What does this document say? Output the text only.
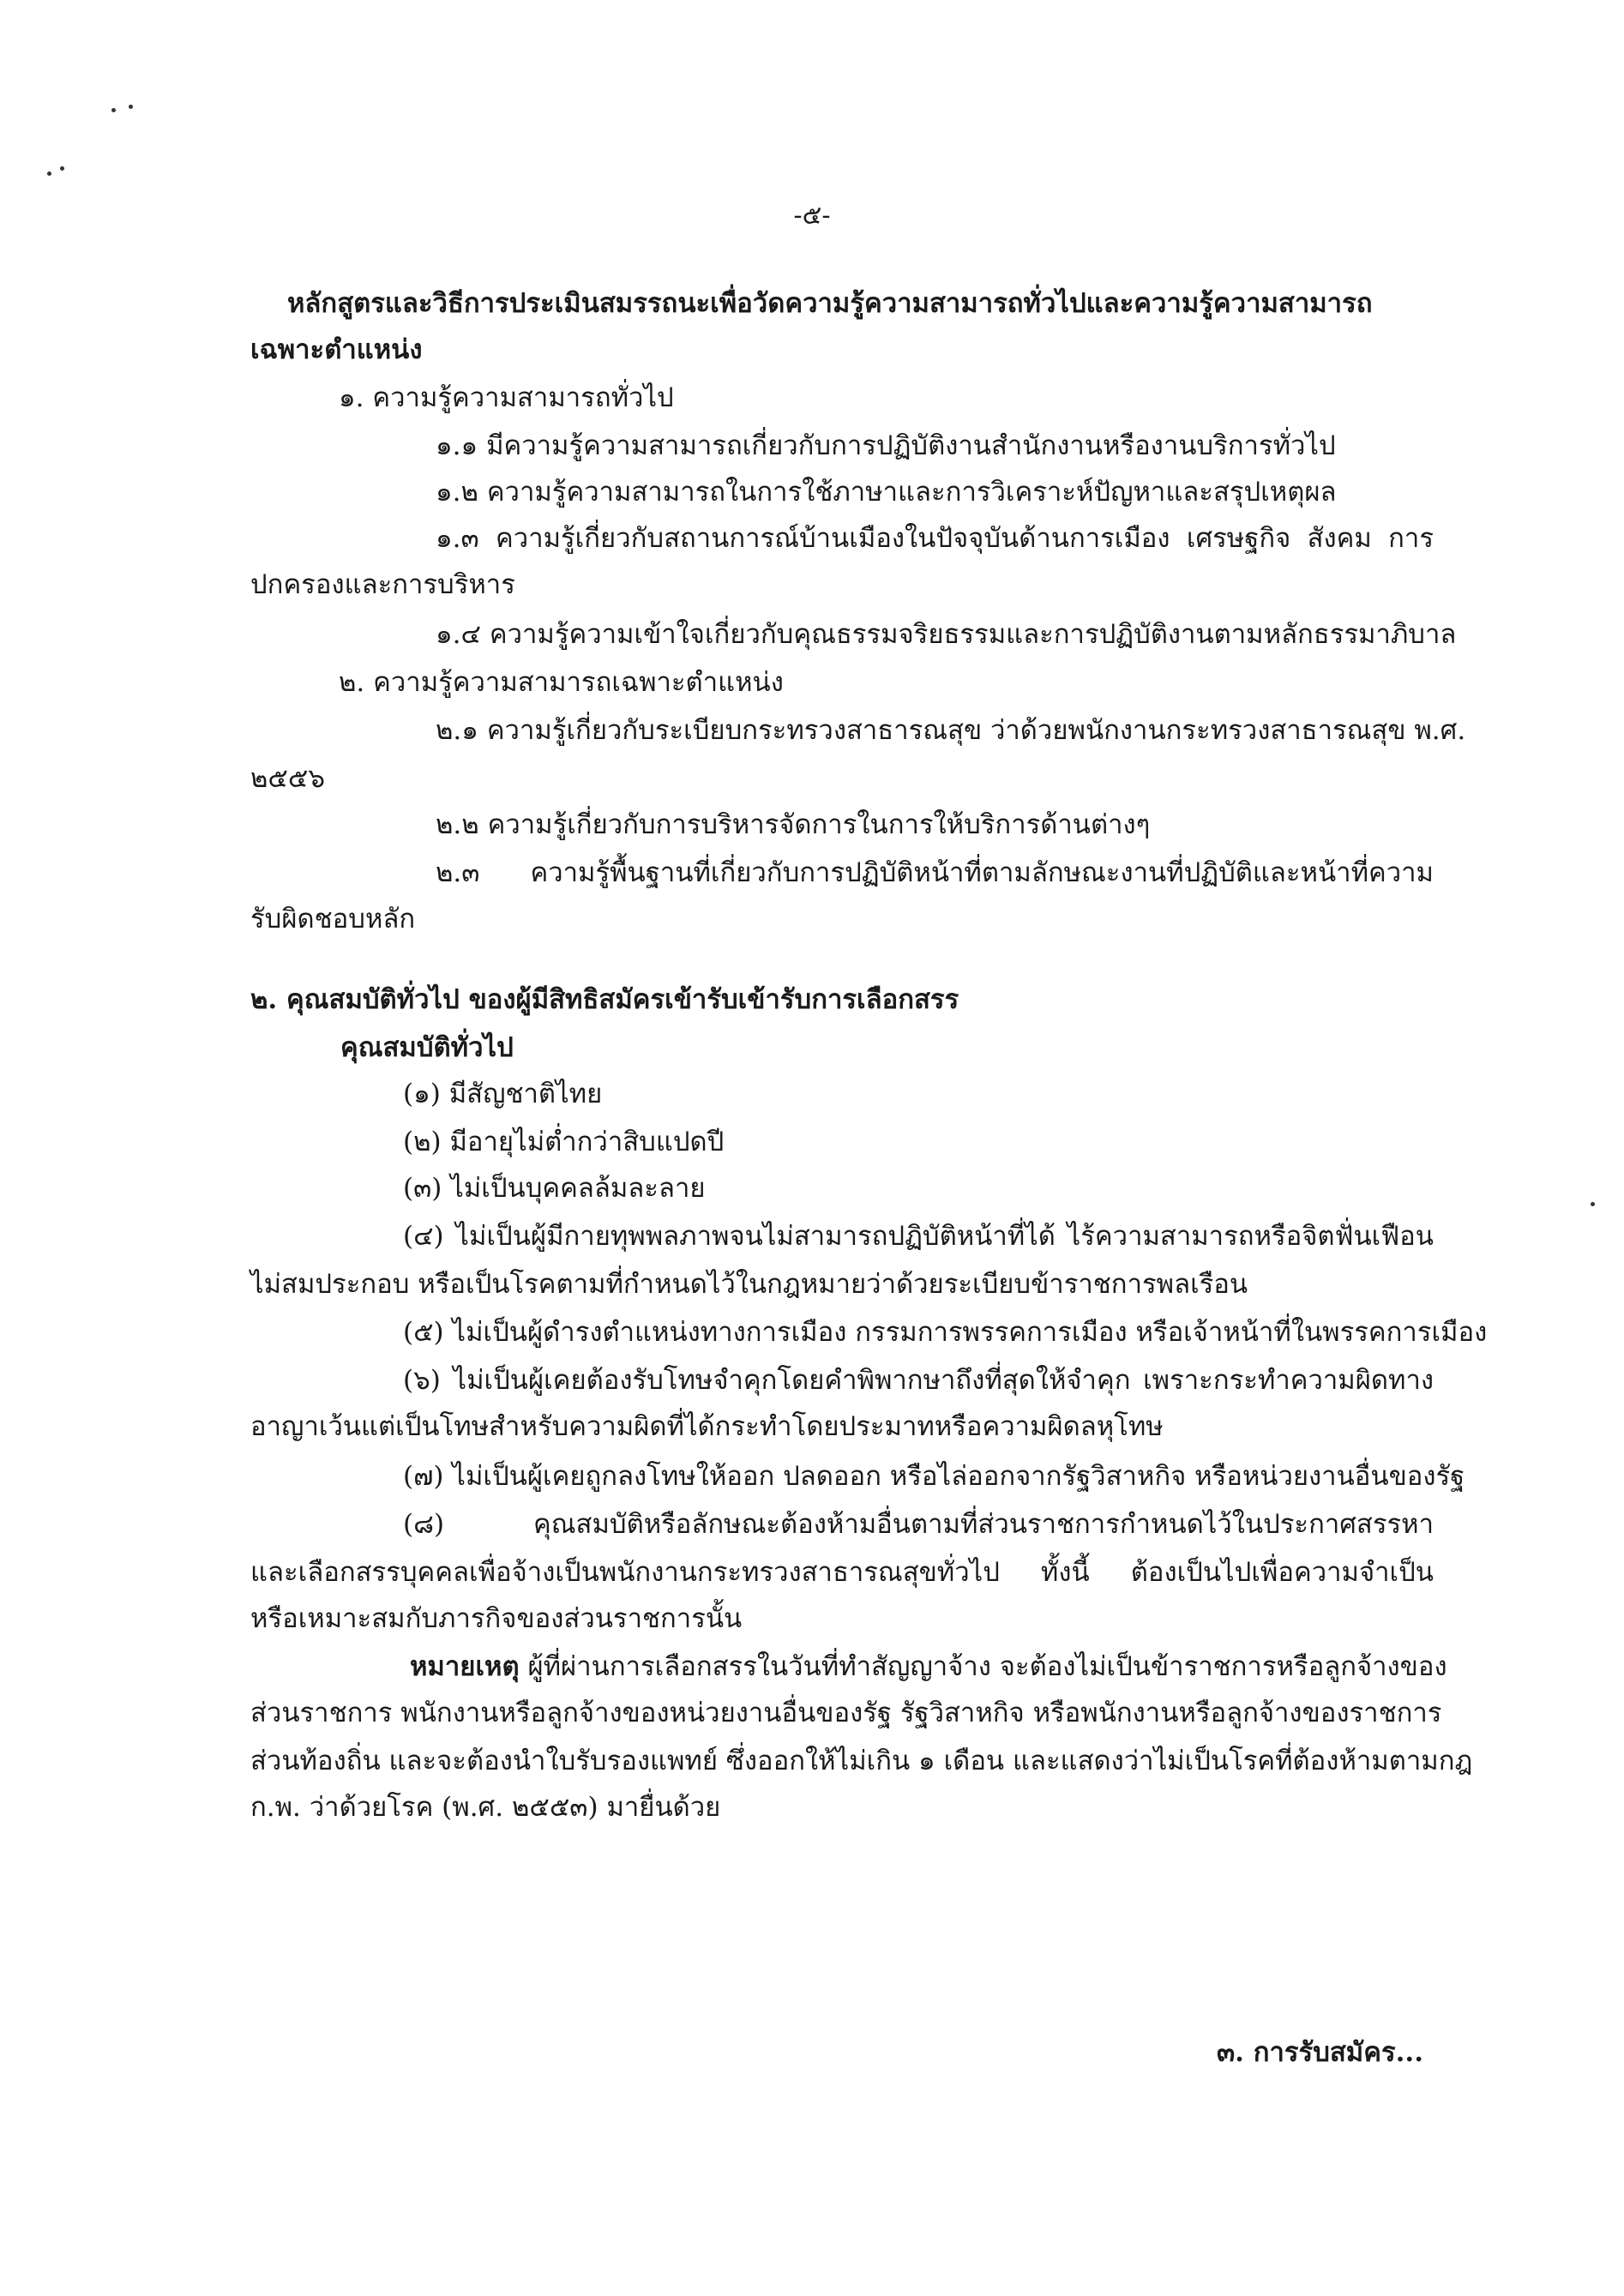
-๕-
หลักสูตรและวิธีการประเมินสมรรถนะเพื่อวัดความรู้ความสามารถทั่วไปและความรู้ความสามารถ
เฉพาะตำแหน่ง
๑. ความรู้ความสามารถทั่วไป
๑.๑ มีความรู้ความสามารถเกี่ยวกับการปฏิบัติงานสำนักงานหรืองานบริการทั่วไป
๑.๒ ความรู้ความสามารถในการใช้ภาษาและการวิเคราะห์ปัญหาและสรุปเหตุผล
๑.๓ ความรู้เกี่ยวกับสถานการณ์บ้านเมืองในปัจจุบันด้านการเมือง เศรษฐกิจ สังคม การ
ปกครองและการบริหาร
๑.๔ ความรู้ความเข้าใจเกี่ยวกับคุณธรรมจริยธรรมและการปฏิบัติงานตามหลักธรรมาภิบาล
๒. ความรู้ความสามารถเฉพาะตำแหน่ง
๒.๑ ความรู้เกี่ยวกับระเบียบกระทรวงสาธารณสุข ว่าด้วยพนักงานกระทรวงสาธารณสุข พ.ศ.
๒๕๕๖
๒.๒ ความรู้เกี่ยวกับการบริหารจัดการในการให้บริการด้านต่างๆ
๒.๓ ความรู้พื้นฐานที่เกี่ยวกับการปฏิบัติหน้าที่ตามลักษณะงานที่ปฏิบัติและหน้าที่ความ
รับผิดชอบหลัก
๒. คุณสมบัติทั่วไป ของผู้มีสิทธิสมัครเข้ารับเข้ารับการเลือกสรร
คุณสมบัติทั่วไป
(๑) มีสัญชาติไทย
(๒) มีอายุไม่ต่ำกว่าสิบแปดปี
(๓) ไม่เป็นบุคคลล้มละลาย
(๔) ไม่เป็นผู้มีกายทุพพลภาพจนไม่สามารถปฏิบัติหน้าที่ได้ ไร้ความสามารถหรือจิตฟั่นเฟือน
ไม่สมประกอบ หรือเป็นโรคตามที่กำหนดไว้ในกฎหมายว่าด้วยระเบียบข้าราชการพลเรือน
(๕) ไม่เป็นผู้ดำรงตำแหน่งทางการเมือง กรรมการพรรคการเมือง หรือเจ้าหน้าที่ในพรรคการเมือง
(๖) ไม่เป็นผู้เคยต้องรับโทษจำคุกโดยคำพิพากษาถึงที่สุดให้จำคุก เพราะกระทำความผิดทาง
อาญาเว้นแต่เป็นโทษสำหรับความผิดที่ได้กระทำโดยประมาทหรือความผิดลหุโทษ
(๗) ไม่เป็นผู้เคยถูกลงโทษให้ออก ปลดออก หรือไล่ออกจากรัฐวิสาหกิจ หรือหน่วยงานอื่นของรัฐ
(๘) คุณสมบัติหรือลักษณะต้องห้ามอื่นตามที่ส่วนราชการกำหนดไว้ในประกาศสรรหา
และเลือกสรรบุคคลเพื่อจ้างเป็นพนักงานกระทรวงสาธารณสุขทั่วไป ทั้งนี้ ต้องเป็นไปเพื่อความจำเป็น
หรือเหมาะสมกับภารกิจของส่วนราชการนั้น
หมายเหตุ ผู้ที่ผ่านการเลือกสรรในวันที่ทำสัญญาจ้าง จะต้องไม่เป็นข้าราชการหรือลูกจ้างของ
ส่วนราชการ พนักงานหรือลูกจ้างของหน่วยงานอื่นของรัฐ รัฐวิสาหกิจ หรือพนักงานหรือลูกจ้างของราชการ
ส่วนท้องถิ่น และจะต้องนำใบรับรองแพทย์ ซึ่งออกให้ไม่เกิน ๑ เดือน และแสดงว่าไม่เป็นโรคที่ต้องห้ามตามกฎ
ก.พ. ว่าด้วยโรค (พ.ศ. ๒๕๕๓) มายื่นด้วย
๓. การรับสมัคร...
